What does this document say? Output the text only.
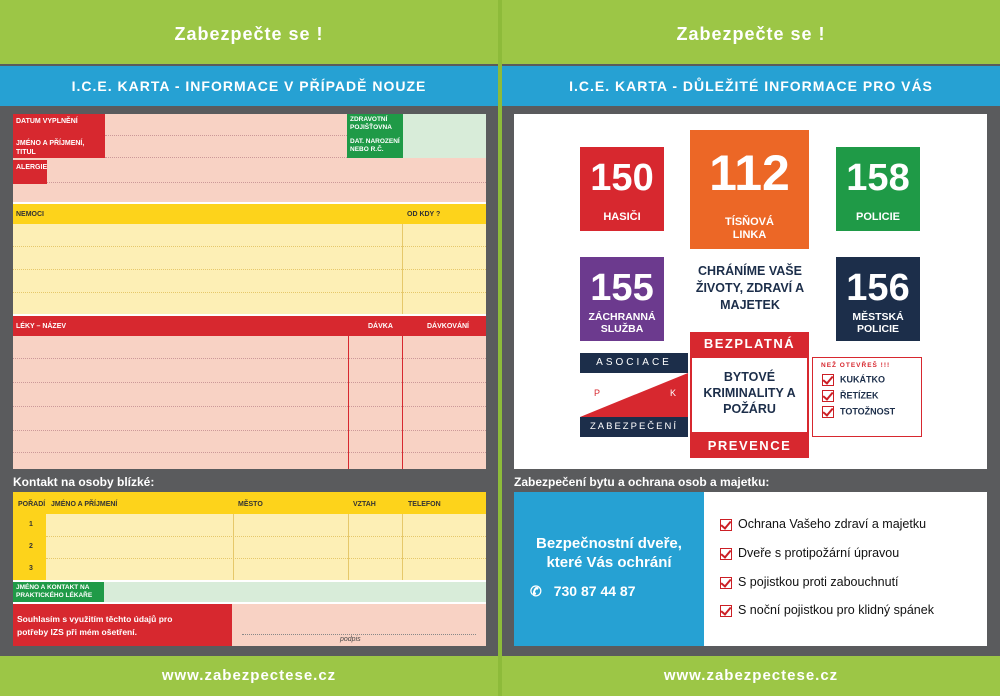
Zabezpečte se !	Zabezpečte se !
I.C.E. KARTA - INFORMACE V PŘÍPADĚ NOUZE	I.C.E. KARTA - DŮLEŽITÉ INFORMACE PRO VÁS
DATUM VYPLNĚNÍ
JMÉNO A PŘÍJMENÍ, TITUL
ALERGIE
ZDRAVOTNÍ POJIŠŤOVNA
DAT. NAROZENÍ NEBO R.Č.
NEMOCI	OD KDY ?
LÉKY – NÁZEV	DÁVKA	DÁVKOVÁNÍ
Kontakt na osoby blízké:
POŘADÍ JMÉNO A PŘÍJMENÍ	MĚSTO	VZTAH	TELEFON
1
2
3
JMÉNO A KONTAKT NA PRAKTICKÉHO LÉKAŘE
Souhlasím s využitím těchto údajů pro potřeby IZS při mém ošetření.
podpis
150
HASIČI
112
TÍSŇOVÁ LINKA
158
POLICIE
155
ZÁCHRANNÁ SLUŽBA
156
MĚSTSKÁ POLICIE
CHRÁNÍME VAŠE ŽIVOTY, ZDRAVÍ A MAJETEK
ASOCIACE
P	K
ZABEZPEČENÍ
BEZPLATNÁ
BYTOVÉ KRIMINALITY A POŽÁRU
PREVENCE
NEŽ OTEVŘEŠ !!!
KUKÁTKO
ŘETÍZEK
TOTOŽNOST
Zabezpečení bytu a ochrana osob a majetku:
Bezpečnostní dveře, které Vás ochrání
✆ 730 87 44 87
Ochrana Vašeho zdraví a majetku
Dveře s protipožární úpravou
S pojistkou proti zabouchnutí
S noční pojistkou pro klidný spánek
www.zabezpectese.cz	www.zabezpectese.cz
